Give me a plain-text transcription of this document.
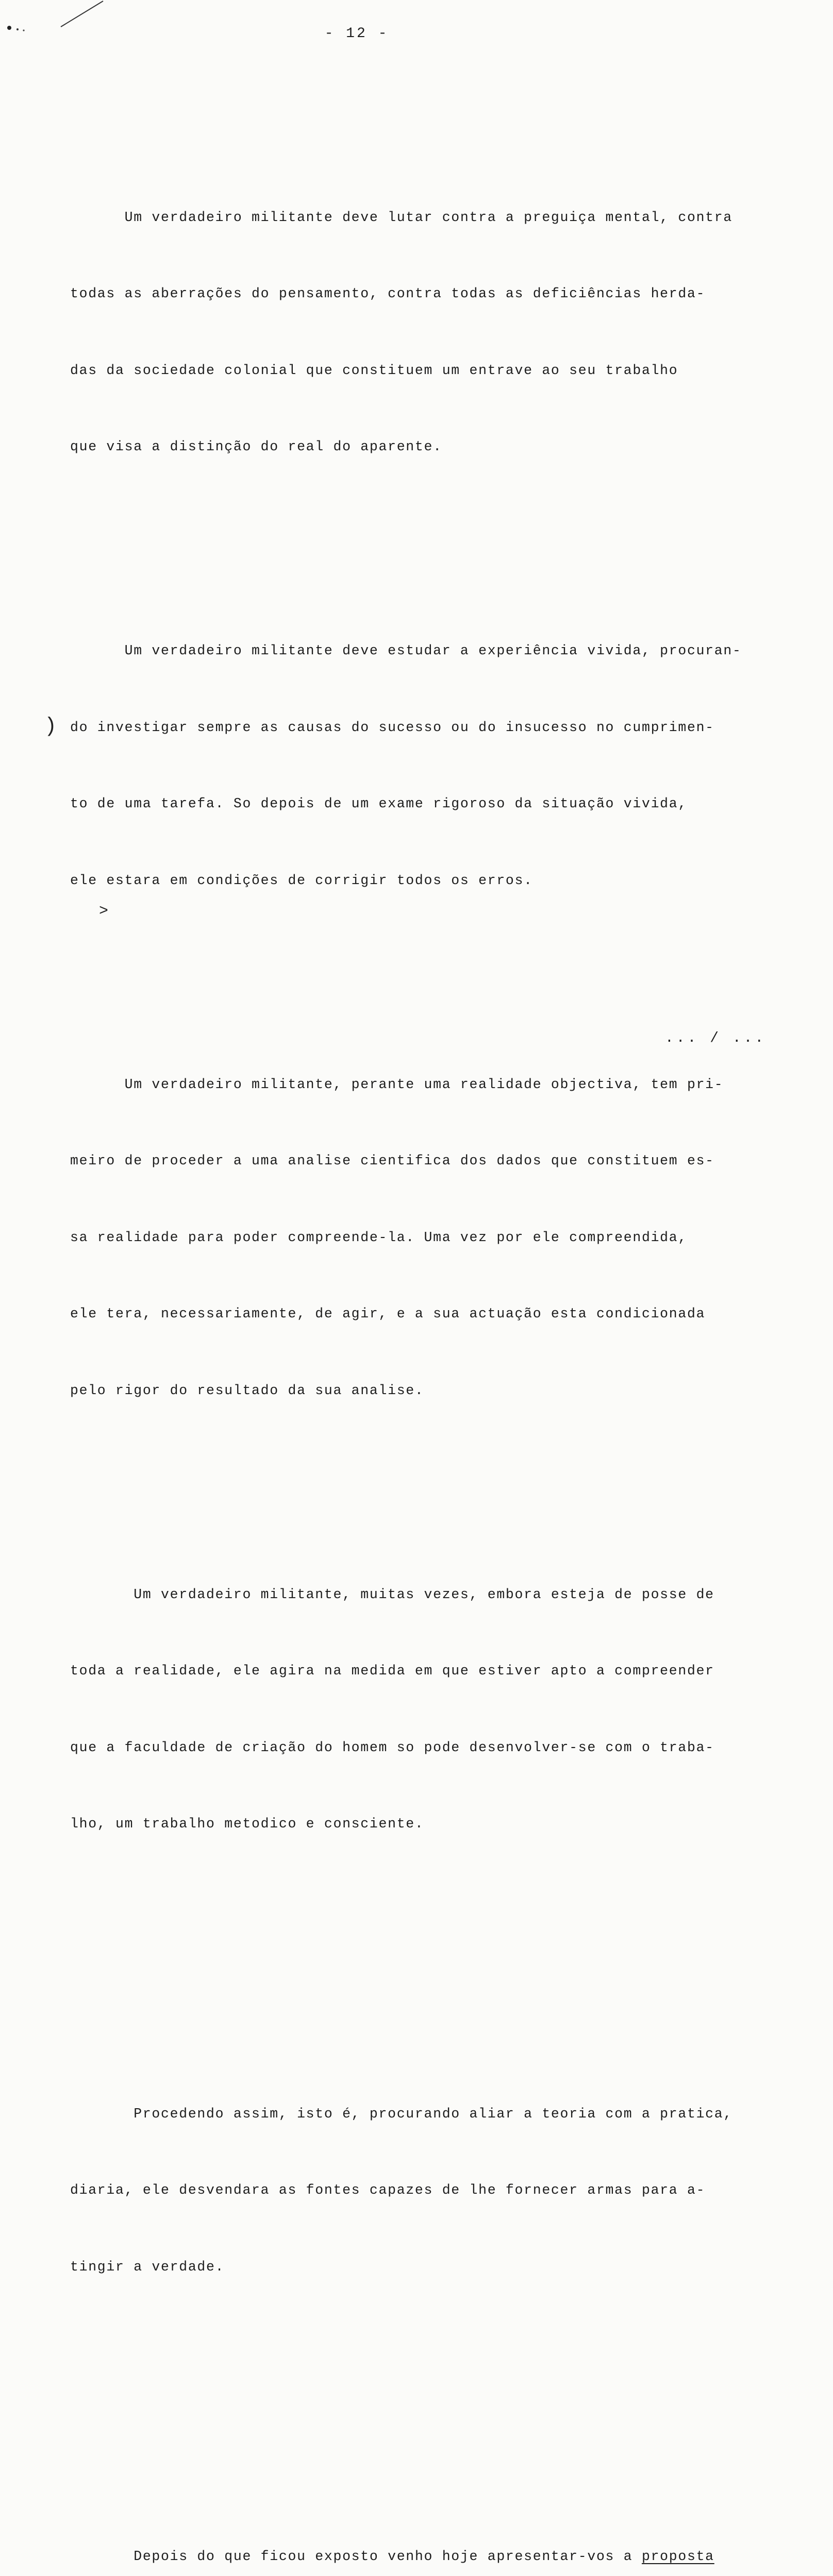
- 12 -

Um verdadeiro militante deve lutar contra a preguiça mental, contra

todas as aberrações do pensamento, contra todas as deficiências herda-

das da sociedade colonial que constituem um entrave ao seu trabalho

que visa a distinção do real do aparente.

Um verdadeiro militante deve estudar a experiência vivida, procuran-

do investigar sempre as causas do sucesso ou do insucesso no cumprimen-

to de uma tarefa. So depois de um exame rigoroso da situação vivida,

ele estara em condições de corrigir todos os erros.

Um verdadeiro militante, perante uma realidade objectiva, tem pri-

meiro de proceder a uma analise cientifica dos dados que constituem es-

sa realidade para poder compreende-la. Uma vez por ele compreendida,

ele tera, necessariamente, de agir, e a sua actuação esta condicionada

pelo rigor do resultado da sua analise.

Um verdadeiro militante, muitas vezes, embora esteja de posse de

toda a realidade, ele agira na medida em que estiver apto a compreender

que a faculdade de criação do homem so pode desenvolver-se com o traba-

lho, um trabalho metodico e consciente.

Procedendo assim, isto é, procurando aliar a teoria com a pratica,

diaria, ele desvendara as fontes capazes de lhe fornecer armas para a-

tingir a verdade.

Depois do que ficou exposto venho hoje apresentar-vos a proposta

>
)
... / ...
